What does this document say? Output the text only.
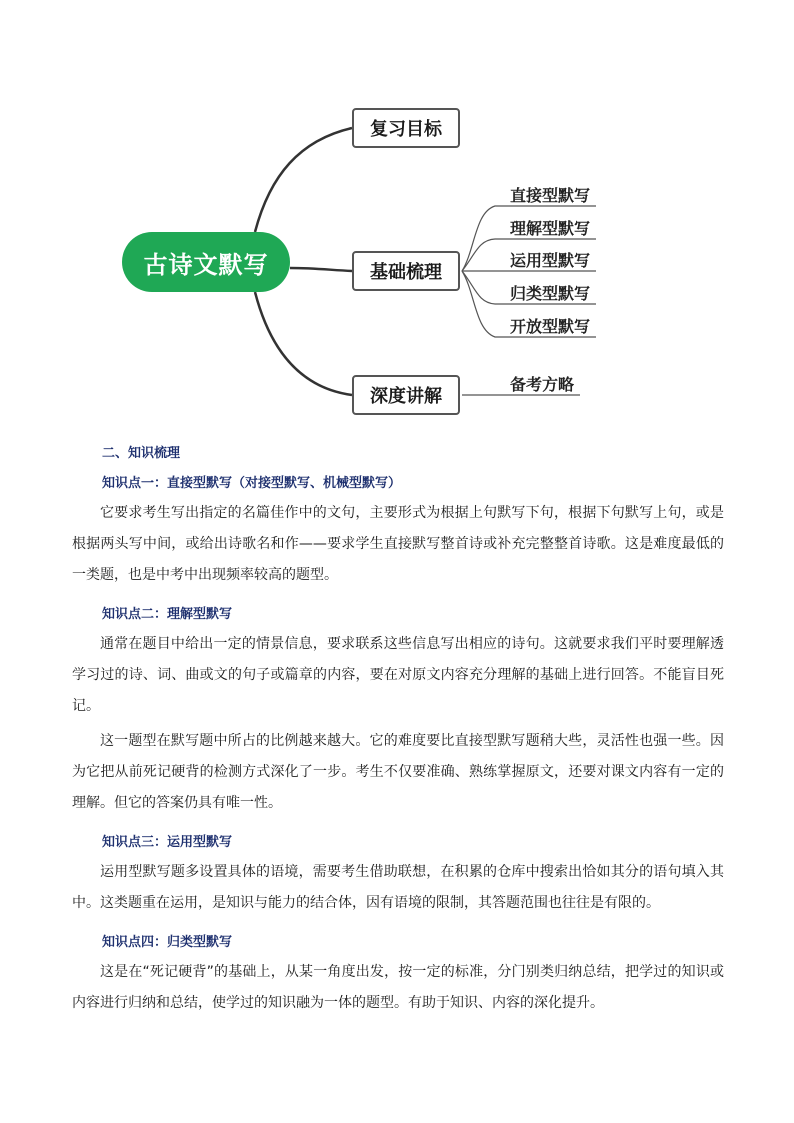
古诗文默写
复习目标
基础梳理
深度讲解
直接型默写
理解型默写
运用型默写
归类型默写
开放型默写
备考方略
二、知识梳理
知识点一：直接型默写（对接型默写、机械型默写）

它要求考生写出指定的名篇佳作中的文句，主要形式为根据上句默写下句，根据下句默写上句，或是根据两头写中间，或给出诗歌名和作——要求学生直接默写整首诗或补充完整整首诗歌。这是难度最低的一类题，也是中考中出现频率较高的题型。

知识点二：理解型默写

通常在题目中给出一定的情景信息，要求联系这些信息写出相应的诗句。这就要求我们平时要理解透学习过的诗、词、曲或文的句子或篇章的内容，要在对原文内容充分理解的基础上进行回答。不能盲目死记。

这一题型在默写题中所占的比例越来越大。它的难度要比直接型默写题稍大些，灵活性也强一些。因为它把从前死记硬背的检测方式深化了一步。考生不仅要准确、熟练掌握原文，还要对课文内容有一定的理解。但它的答案仍具有唯一性。

知识点三：运用型默写

运用型默写题多设置具体的语境，需要考生借助联想，在积累的仓库中搜索出恰如其分的语句填入其中。这类题重在运用，是知识与能力的结合体，因有语境的限制，其答题范围也往往是有限的。

知识点四：归类型默写

这是在“死记硬背”的基础上，从某一角度出发，按一定的标准，分门别类归纳总结，把学过的知识或内容进行归纳和总结，使学过的知识融为一体的题型。有助于知识、内容的深化提升。
